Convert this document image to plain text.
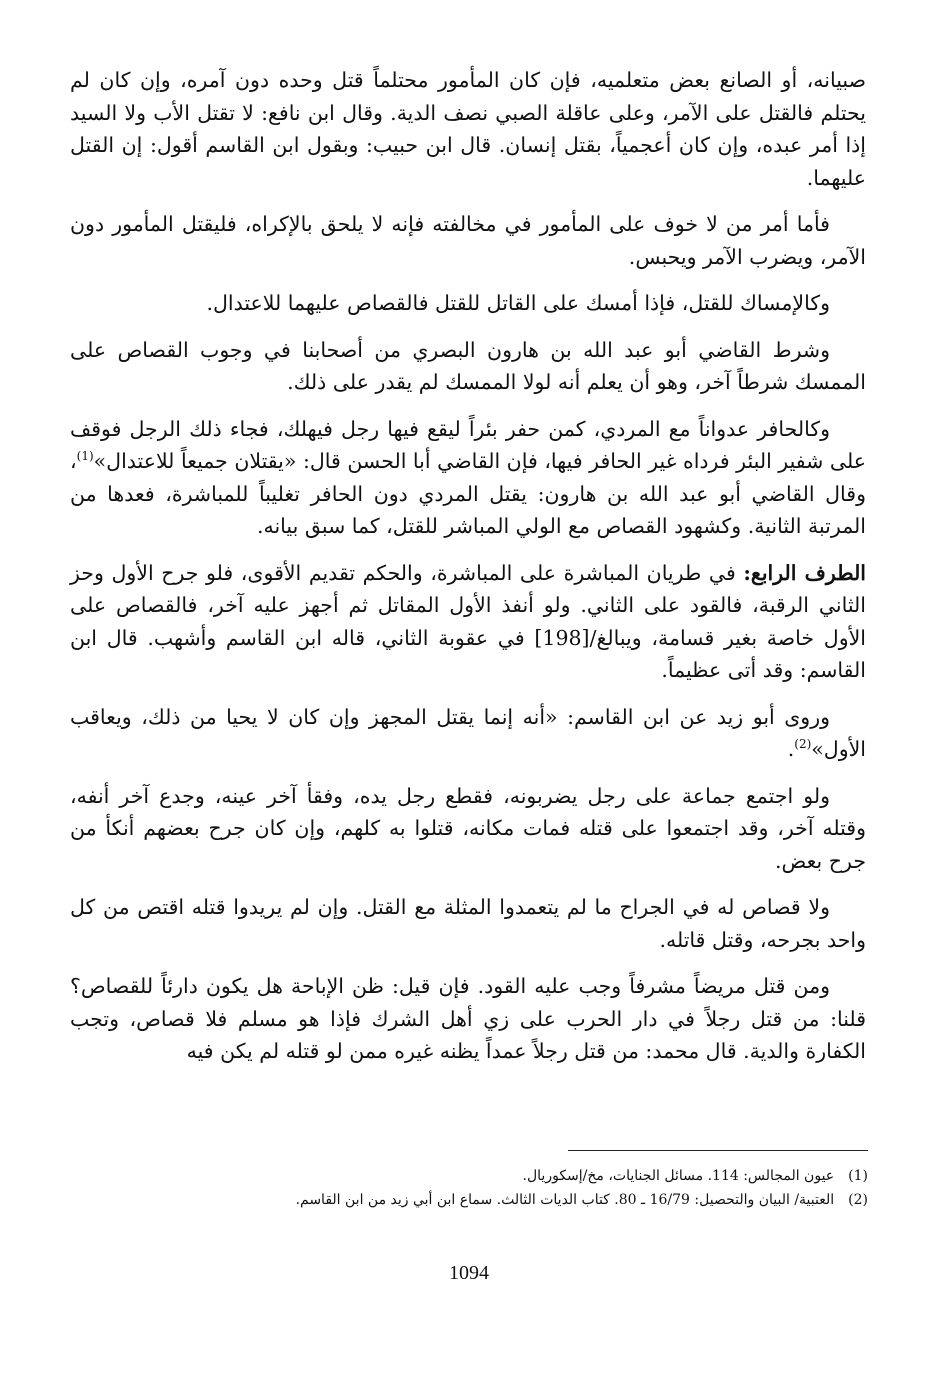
صبيانه، أو الصانع بعض متعلميه، فإن كان المأمور محتلماً قتل وحده دون آمره، وإن كان لم يحتلم فالقتل على الآمر، وعلى عاقلة الصبي نصف الدية. وقال ابن نافع: لا تقتل الأب ولا السيد إذا أمر عبده، وإن كان أعجمياً، بقتل إنسان. قال ابن حبيب: وبقول ابن القاسم أقول: إن القتل عليهما.

فأما أمر من لا خوف على المأمور في مخالفته فإنه لا يلحق بالإكراه، فليقتل المأمور دون الآمر، ويضرب الآمر ويحبس.

وكالإمساك للقتل، فإذا أمسك على القاتل للقتل فالقصاص عليهما للاعتدال.

وشرط القاضي أبو عبد الله بن هارون البصري من أصحابنا في وجوب القصاص على الممسك شرطاً آخر، وهو أن يعلم أنه لولا الممسك لم يقدر على ذلك.

وكالحافر عدواناً مع المردي، كمن حفر بئراً ليقع فيها رجل فيهلك، فجاء ذلك الرجل فوقف على شفير البئر فرداه غير الحافر فيها، فإن القاضي أبا الحسن قال: «يقتلان جميعاً للاعتدال»$^{(1)}$، وقال القاضي أبو عبد الله بن هارون: يقتل المردي دون الحافر تغليباً للمباشرة، فعدها من المرتبة الثانية. وكشهود القصاص مع الولي المباشر للقتل، كما سبق بيانه.

الطرف الرابع: في طريان المباشرة على المباشرة، والحكم تقديم الأقوى، فلو جرح الأول وحز الثاني الرقبة، فالقود على الثاني. ولو أنفذ الأول المقاتل ثم أجهز عليه آخر، فالقصاص على الأول خاصة بغير قسامة، ويبالغ/[198] في عقوبة الثاني، قاله ابن القاسم وأشهب. قال ابن القاسم: وقد أتى عظيماً.

وروى أبو زيد عن ابن القاسم: «أنه إنما يقتل المجهز وإن كان لا يحيا من ذلك، ويعاقب الأول»$^{(2)}$.

ولو اجتمع جماعة على رجل يضربونه، فقطع رجل يده، وفقأ آخر عينه، وجدع آخر أنفه، وقتله آخر، وقد اجتمعوا على قتله فمات مكانه، قتلوا به كلهم، وإن كان جرح بعضهم أنكأ من جرح بعض.

ولا قصاص له في الجراح ما لم يتعمدوا المثلة مع القتل. وإن لم يريدوا قتله اقتص من كل واحد بجرحه، وقتل قاتله.

ومن قتل مريضاً مشرفاً وجب عليه القود. فإن قيل: ظن الإباحة هل يكون دارئاً للقصاص؟ قلنا: من قتل رجلاً في دار الحرب على زي أهل الشرك فإذا هو مسلم فلا قصاص، وتجب الكفارة والدية. قال محمد: من قتل رجلاً عمداً يظنه غيره ممن لو قتله لم يكن فيه

(1)
عيون المجالس: 114. مسائل الجنايات، مخ/إسكوريال.

(2)
العتبية/ البيان والتحصيل: 16/79 ـ 80. كتاب الديات الثالث. سماع ابن أبي زيد من ابن القاسم.

1094
